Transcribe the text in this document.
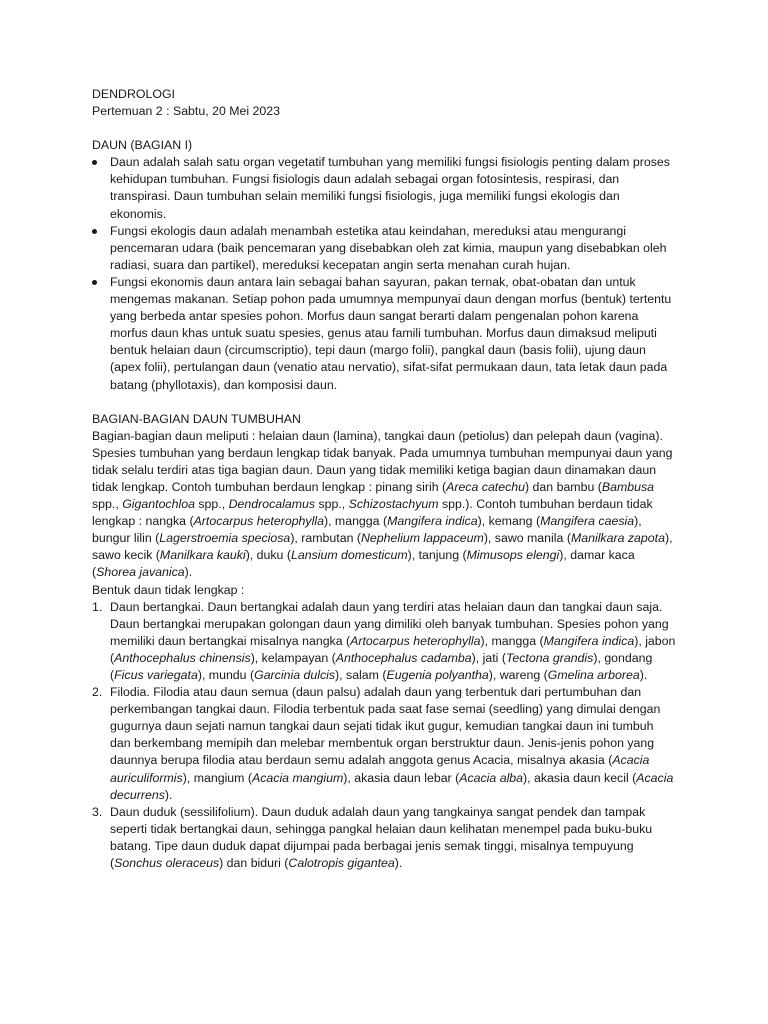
DENDROLOGI

Pertemuan 2 : Sabtu, 20 Mei 2023

DAUN (BAGIAN I)

Daun adalah salah satu organ vegetatif tumbuhan yang memiliki fungsi fisiologis penting dalam proses kehidupan tumbuhan. Fungsi fisiologis daun adalah sebagai organ fotosintesis, respirasi, dan transpirasi. Daun tumbuhan selain memiliki fungsi fisiologis, juga memiliki fungsi ekologis dan ekonomis.
Fungsi ekologis daun adalah menambah estetika atau keindahan, mereduksi atau mengurangi pencemaran udara (baik pencemaran yang disebabkan oleh zat kimia, maupun yang disebabkan oleh radiasi, suara dan partikel), mereduksi kecepatan angin serta menahan curah hujan.
Fungsi ekonomis daun antara lain sebagai bahan sayuran, pakan ternak, obat-obatan dan untuk mengemas makanan. Setiap pohon pada umumnya mempunyai daun dengan morfus (bentuk) tertentu yang berbeda antar spesies pohon. Morfus daun sangat berarti dalam pengenalan pohon karena morfus daun khas untuk suatu spesies, genus atau famili tumbuhan. Morfus daun dimaksud meliputi bentuk helaian daun (circumscriptio), tepi daun (margo folii), pangkal daun (basis folii), ujung daun (apex folii), pertulangan daun (venatio atau nervatio), sifat-sifat permukaan daun, tata letak daun pada batang (phyllotaxis), dan komposisi daun.

BAGIAN-BAGIAN DAUN TUMBUHAN

Bagian-bagian daun meliputi : helaian daun (lamina), tangkai daun (petiolus) dan pelepah daun (vagina). Spesies tumbuhan yang berdaun lengkap tidak banyak. Pada umumnya tumbuhan mempunyai daun yang tidak selalu terdiri atas tiga bagian daun. Daun yang tidak memiliki ketiga bagian daun dinamakan daun tidak lengkap. Contoh tumbuhan berdaun lengkap : pinang sirih (Areca catechu) dan bambu (Bambusa spp., Gigantochloa spp., Dendrocalamus spp., Schizostachyum spp.). Contoh tumbuhan berdaun tidak lengkap : nangka (Artocarpus heterophylla), mangga (Mangifera indica), kemang (Mangifera caesia), bungur lilin (Lagerstroemia speciosa), rambutan (Nephelium lappaceum), sawo manila (Manilkara zapota), sawo kecik (Manilkara kauki), duku (Lansium domesticum), tanjung (Mimusops elengi), damar kaca (Shorea javanica).

Bentuk daun tidak lengkap :

1. Daun bertangkai. Daun bertangkai adalah daun yang terdiri atas helaian daun dan tangkai daun saja. Daun bertangkai merupakan golongan daun yang dimiliki oleh banyak tumbuhan. Spesies pohon yang memiliki daun bertangkai misalnya nangka (Artocarpus heterophylla), mangga (Mangifera indica), jabon (Anthocephalus chinensis), kelampayan (Anthocephalus cadamba), jati (Tectona grandis), gondang (Ficus variegata), mundu (Garcinia dulcis), salam (Eugenia polyantha), wareng (Gmelina arborea).
2. Filodia. Filodia atau daun semua (daun palsu) adalah daun yang terbentuk dari pertumbuhan dan perkembangan tangkai daun. Filodia terbentuk pada saat fase semai (seedling) yang dimulai dengan gugurnya daun sejati namun tangkai daun sejati tidak ikut gugur, kemudian tangkai daun ini tumbuh dan berkembang memipih dan melebar membentuk organ berstruktur daun. Jenis-jenis pohon yang daunnya berupa filodia atau berdaun semu adalah anggota genus Acacia, misalnya akasia (Acacia auriculiformis), mangium (Acacia mangium), akasia daun lebar (Acacia alba), akasia daun kecil (Acacia decurrens).
3. Daun duduk (sessilifolium). Daun duduk adalah daun yang tangkainya sangat pendek dan tampak seperti tidak bertangkai daun, sehingga pangkal helaian daun kelihatan menempel pada buku-buku batang. Tipe daun duduk dapat dijumpai pada berbagai jenis semak tinggi, misalnya tempuyung (Sonchus oleraceus) dan biduri (Calotropis gigantea).
